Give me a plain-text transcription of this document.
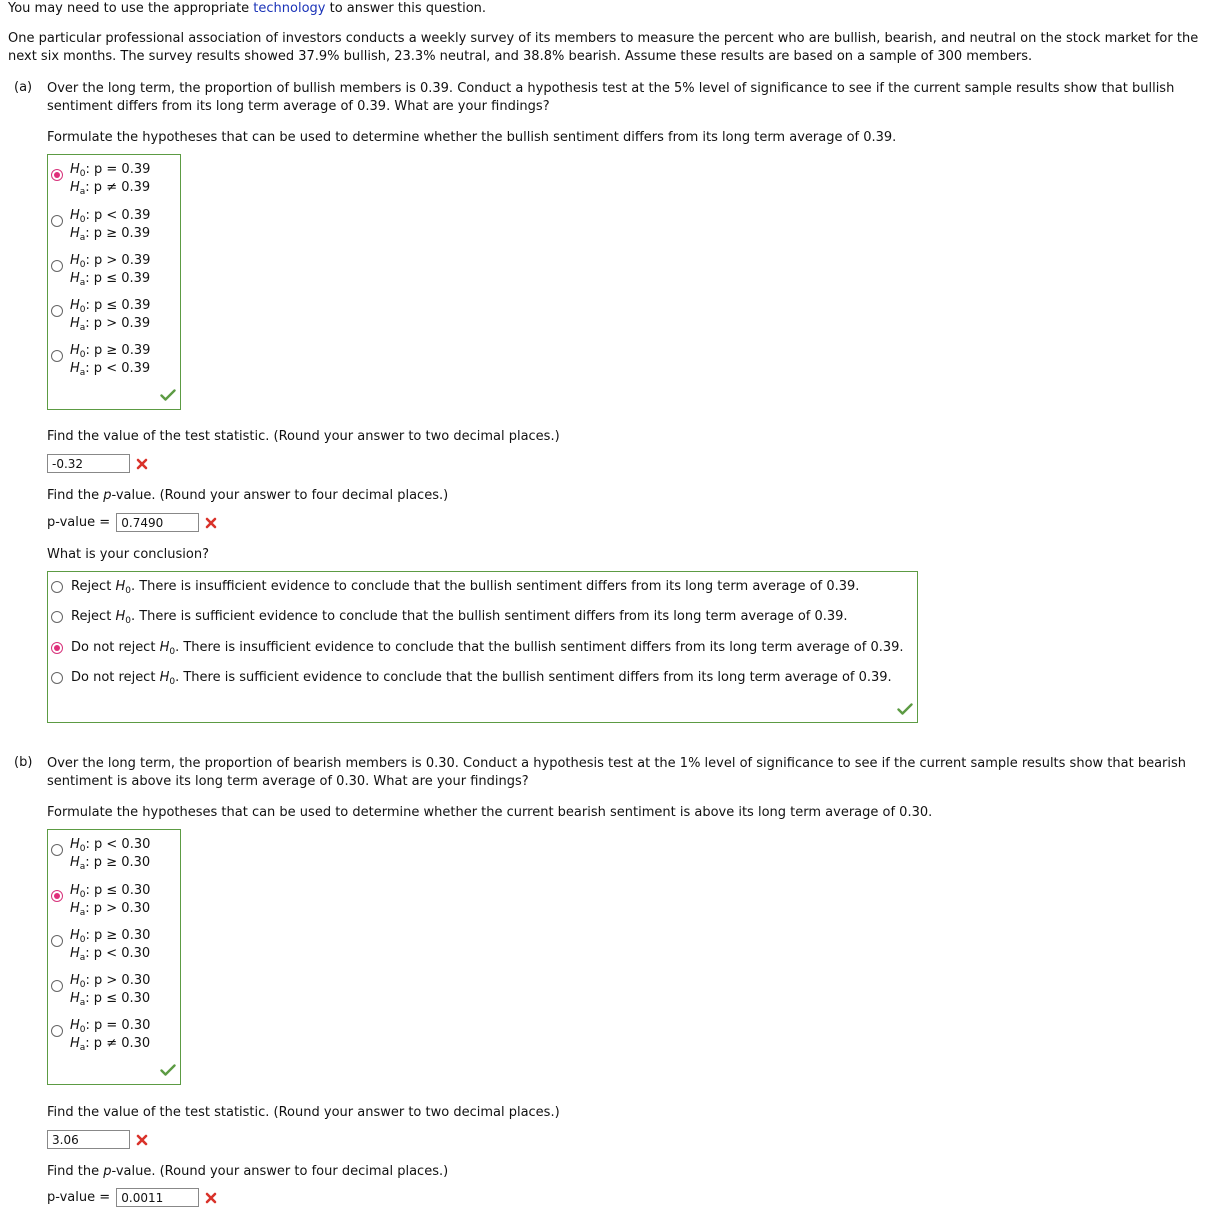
You may need to use the appropriate technology to answer this question.
One particular professional association of investors conducts a weekly survey of its members to measure the percent who are bullish, bearish, and neutral on the stock market for the next six months. The survey results showed 37.9% bullish, 23.3% neutral, and 38.8% bearish. Assume these results are based on a sample of 300 members.
(a) Over the long term, the proportion of bullish members is 0.39. Conduct a hypothesis test at the 5% level of significance to see if the current sample results show that bullish sentiment differs from its long term average of 0.39. What are your findings?
Formulate the hypotheses that can be used to determine whether the bullish sentiment differs from its long term average of 0.39.
$H_0$: p = 0.39
$H_a$: p ≠ 0.39
$H_0$: p < 0.39
$H_a$: p ≥ 0.39
$H_0$: p > 0.39
$H_a$: p ≤ 0.39
$H_0$: p ≤ 0.39
$H_a$: p > 0.39
$H_0$: p ≥ 0.39
$H_a$: p < 0.39
Find the value of the test statistic. (Round your answer to two decimal places.)
-0.32
Find the p-value. (Round your answer to four decimal places.)
p-value = 0.7490
What is your conclusion?
Reject $H_0$. There is insufficient evidence to conclude that the bullish sentiment differs from its long term average of 0.39.
Reject $H_0$. There is sufficient evidence to conclude that the bullish sentiment differs from its long term average of 0.39.
Do not reject $H_0$. There is insufficient evidence to conclude that the bullish sentiment differs from its long term average of 0.39.
Do not reject $H_0$. There is sufficient evidence to conclude that the bullish sentiment differs from its long term average of 0.39.
(b) Over the long term, the proportion of bearish members is 0.30. Conduct a hypothesis test at the 1% level of significance to see if the current sample results show that bearish sentiment is above its long term average of 0.30. What are your findings?
Formulate the hypotheses that can be used to determine whether the current bearish sentiment is above its long term average of 0.30.
$H_0$: p < 0.30
$H_a$: p ≥ 0.30
$H_0$: p ≤ 0.30
$H_a$: p > 0.30
$H_0$: p ≥ 0.30
$H_a$: p < 0.30
$H_0$: p > 0.30
$H_a$: p ≤ 0.30
$H_0$: p = 0.30
$H_a$: p ≠ 0.30
Find the value of the test statistic. (Round your answer to two decimal places.)
3.06
Find the p-value. (Round your answer to four decimal places.)
p-value = 0.0011
